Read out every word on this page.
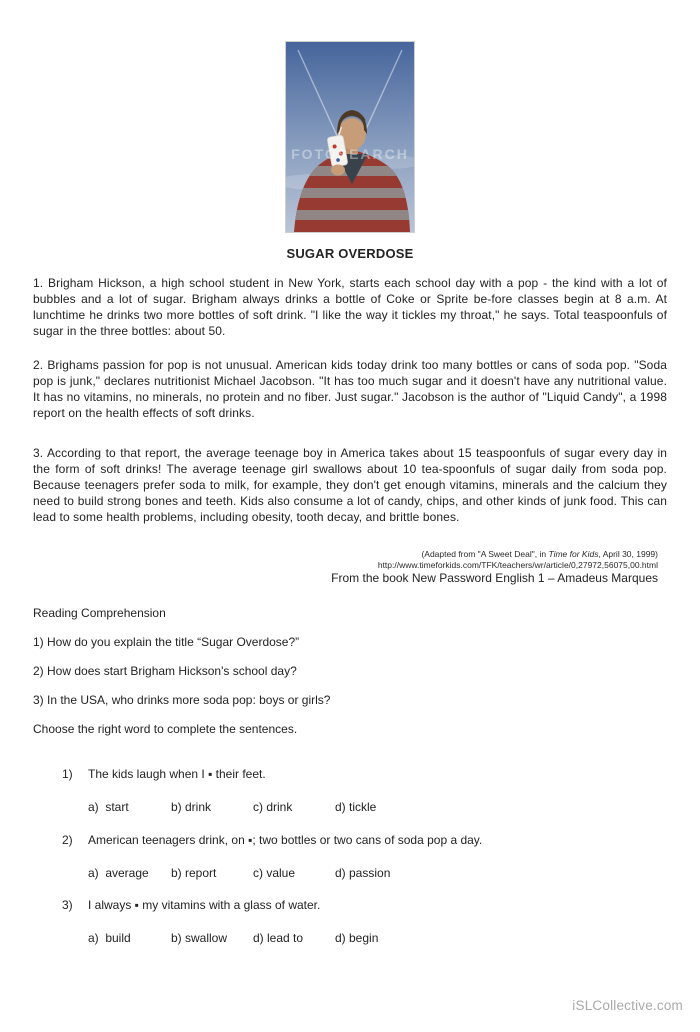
FOTOSEARCH
SUGAR OVERDOSE

1. Brigham Hickson, a high school student in New York, starts each school day with a pop - the kind with a lot of bubbles and a lot of sugar. Brigham always drinks a bottle of Coke or Sprite be-fore classes begin at 8 a.m. At lunchtime he drinks two more bottles of soft drink. "I like the way it tickles my throat," he says. Total teaspoonfuls of sugar in the three bottles: about 50.

2. Brighams passion for pop is not unusual. American kids today drink too many bottles or cans of soda pop. "Soda pop is junk," declares nutritionist Michael Jacobson. "It has too much sugar and it doesn't have any nutritional value. It has no vitamins, no minerals, no protein and no fiber. Just sugar." Jacobson is the author of "Liquid Candy", a 1998 report on the health effects of soft drinks.

3. According to that report, the average teenage boy in America takes about 15 teaspoonfuls of sugar every day in the form of soft drinks! The average teenage girl swallows about 10 tea-spoonfuls of sugar daily from soda pop. Because teenagers prefer soda to milk, for example, they don't get enough vitamins, minerals and the calcium they need to build strong bones and teeth. Kids also consume a lot of candy, chips, and other kinds of junk food. This can lead to some health problems, including obesity, tooth decay, and brittle bones.

(Adapted from "A Sweet Deal", in Time for Kids, April 30, 1999)
http://www.timeforkids.com/TFK/teachers/wr/article/0,27972,56075,00.html
From the book New Password English 1 – Amadeus Marques
Reading Comprehension
1) How do you explain the title “Sugar Overdose?”
2) How does start Brigham Hickson's school day?
3) In the USA, who drinks more soda pop: boys or girls?
Choose the right word to complete the sentences.
1) The kids laugh when I ▪ their feet.
a)  start	b) drink	c) drink	d) tickle
2) American teenagers drink, on ▪; two bottles or two cans of soda pop a day.
a)  average b) report	c) value	d) passion
3) I always ▪ my vitamins with a glass of water.
a)  build	b) swallow d) lead to	d) begin
iSLCollective.com
